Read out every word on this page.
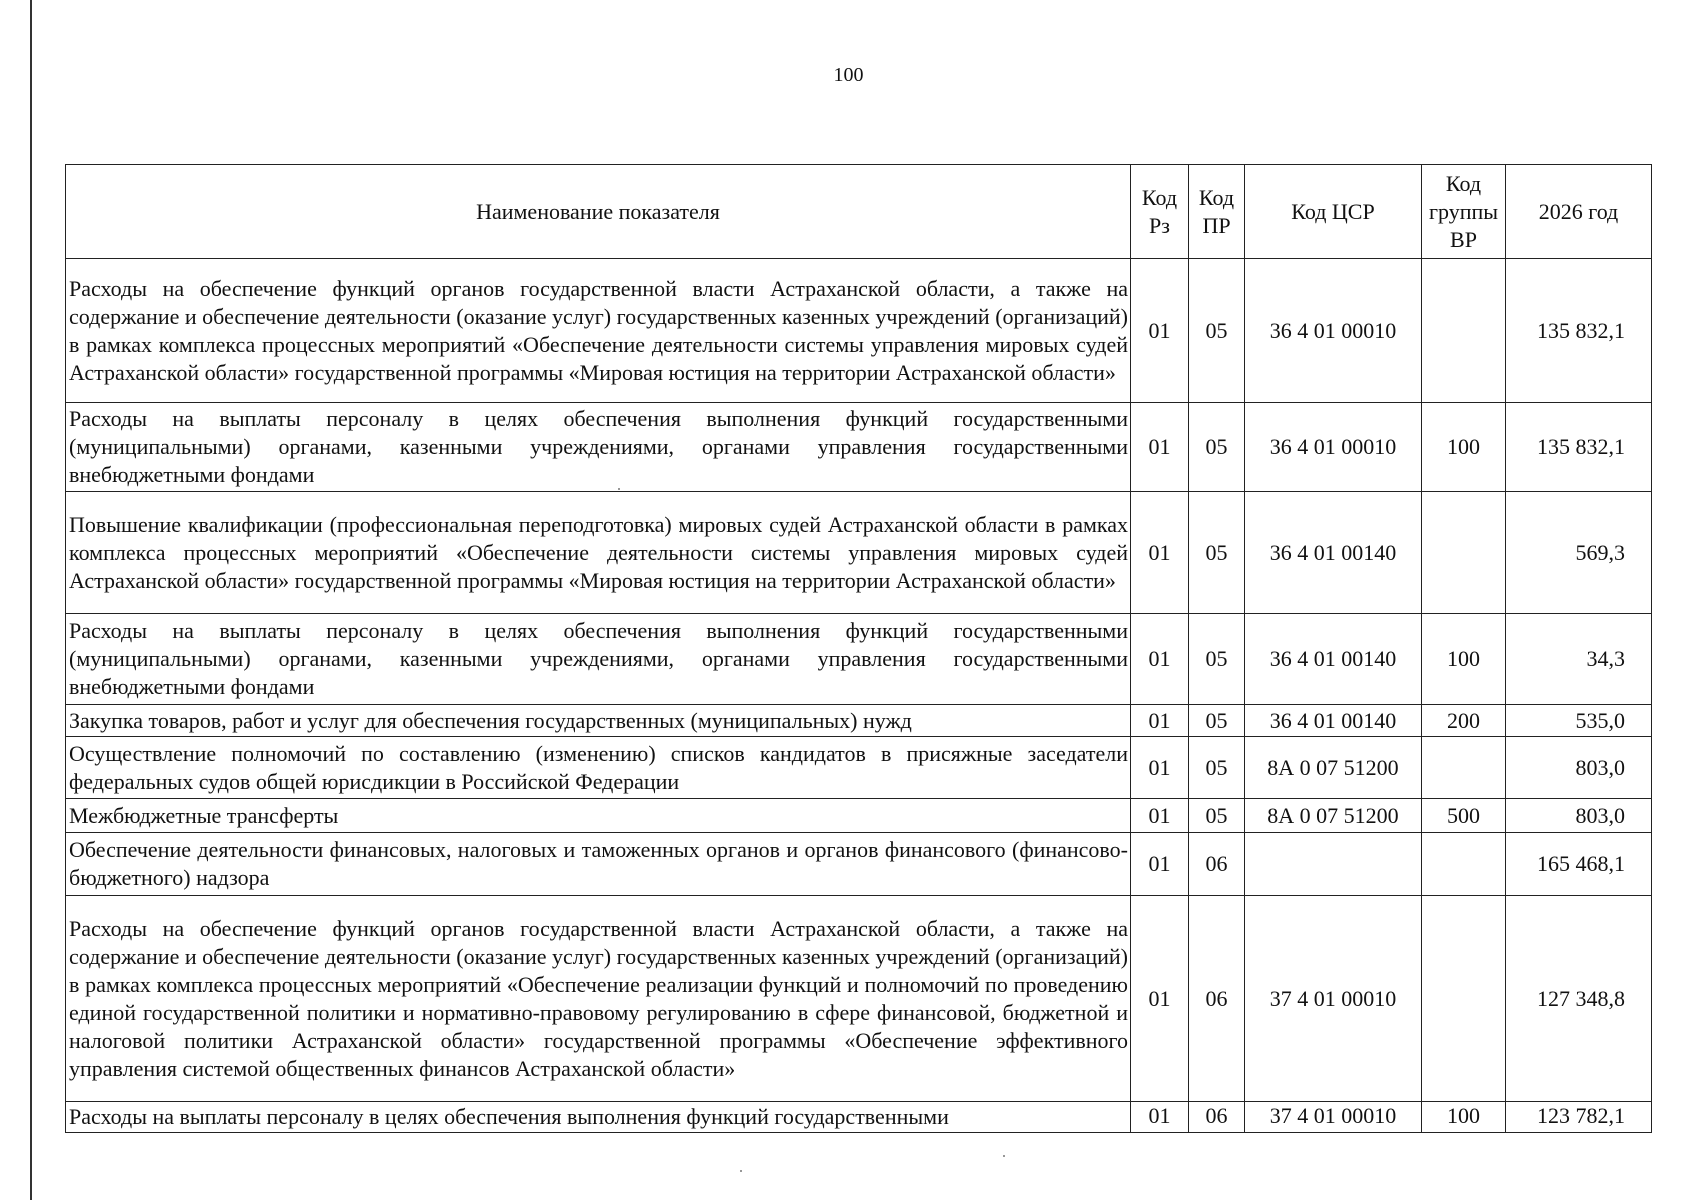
100
Наименование показателя	Код Рз	Код ПР	Код ЦСР	Код группы ВР	2026 год
Расходы на обеспечение функций органов государственной власти Астраханской области, а также на содержание и обеспечение деятельности (оказание услуг) государственных казенных учреждений (организаций) в рамках комплекса процессных мероприятий «Обеспечение деятельности системы управления мировых судей Астраханской области» государственной программы «Мировая юстиция на территории Астраханской области»	01	05	36 4 01 00010		135 832,1
Расходы на выплаты персоналу в целях обеспечения выполнения функций государственными (муниципальными) органами, казенными учреждениями, органами управления государственными внебюджетными фондами	01	05	36 4 01 00010	100	135 832,1
Повышение квалификации (профессиональная переподготовка) мировых судей Астраханской области в рамках комплекса процессных мероприятий «Обеспечение деятельности системы управления мировых судей Астраханской области» государственной программы «Мировая юстиция на территории Астраханской области»	01	05	36 4 01 00140		569,3
Расходы на выплаты персоналу в целях обеспечения выполнения функций государственными (муниципальными) органами, казенными учреждениями, органами управления государственными внебюджетными фондами	01	05	36 4 01 00140	100	34,3
Закупка товаров, работ и услуг для обеспечения государственных (муниципальных) нужд	01	05	36 4 01 00140	200	535,0
Осуществление полномочий по составлению (изменению) списков кандидатов в присяжные заседатели федеральных судов общей юрисдикции в Российской Федерации	01	05	8А 0 07 51200		803,0
Межбюджетные трансферты	01	05	8А 0 07 51200	500	803,0
Обеспечение деятельности финансовых, налоговых и таможенных органов и органов финансового (финансово-бюджетного) надзора	01	06			165 468,1
Расходы на обеспечение функций органов государственной власти Астраханской области, а также на содержание и обеспечение деятельности (оказание услуг) государственных казенных учреждений (организаций) в рамках комплекса процессных мероприятий «Обеспечение реализации функций и полномочий по проведению единой государственной политики и нормативно-правовому регулированию в сфере финансовой, бюджетной и налоговой политики Астраханской области» государственной программы «Обеспечение эффективного управления системой общественных финансов Астраханской области»	01	06	37 4 01 00010		127 348,8
Расходы на выплаты персоналу в целях обеспечения выполнения функций государственными	01	06	37 4 01 00010	100	123 782,1
